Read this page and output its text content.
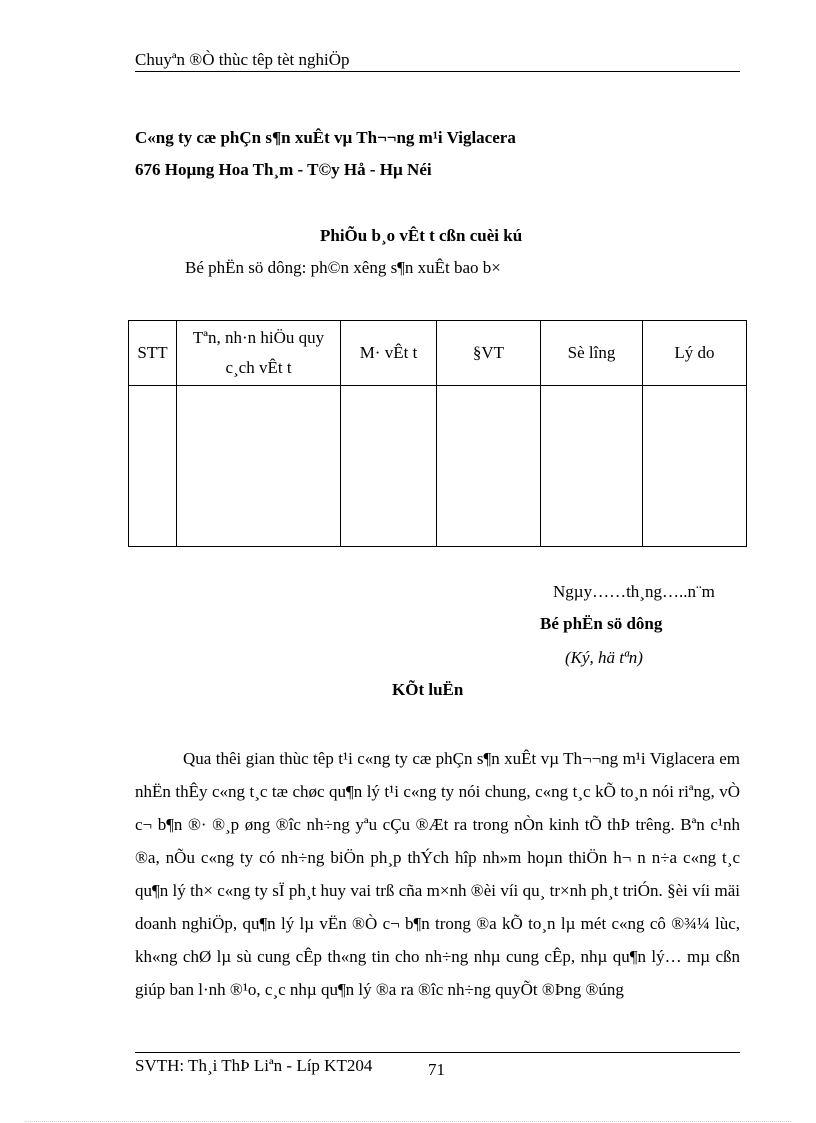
Chuyªn ®Ò thùc têp tèt nghiÖp
C«ng ty cæ phÇn s¶n xuÊt vµ Th¬¬ng m¹i Viglacera
676 Hoµng Hoa Th¸m - T©y Hå - Hµ Néi
PhiÕu b¸o vÊt t cßn cuèi kú
Bé phËn sö dông: ph©n xêng s¶n xuÊt bao b×
STT	Tªn, nh·n hiÖu quy c¸ch vÊt t	M· vÊt t	§VT	Sè lîng	Lý do

Ngµy……th¸ng…..n¨m
Bé phËn sö dông
(Ký, hä tªn)
KÕt luËn

Qua thêi gian thùc têp t¹i c«ng ty cæ phÇn s¶n xuÊt vµ Th¬¬ng m¹i Viglacera em nhËn thÊy c«ng t¸c tæ chøc qu¶n lý t¹i c«ng ty nói chung, c«ng t¸c kÕ to¸n nói riªng, vÒ c¬ b¶n ®· ®¸p øng ®îc nh÷ng yªu cÇu ®Æt ra trong nÒn kinh tÕ thÞ trêng. Bªn c¹nh ®a, nÕu c«ng ty có nh÷ng biÖn ph¸p thÝch hîp nh»m hoµn thiÖn h¬ n n÷a c«ng t¸c qu¶n lý th× c«ng ty sÏ ph¸t huy vai trß cña m×nh ®èi víi qu¸ tr×nh ph¸t triÓn. §èi víi mäi doanh nghiÖp, qu¶n lý lµ vËn ®Ò c¬ b¶n trong ®a kÕ to¸n lµ mét c«ng cô ®¾¼ lùc, kh«ng chØ lµ sù cung cÊp th«ng tin cho nh÷ng nhµ cung cÊp, nhµ qu¶n lý… mµ cßn giúp ban l·nh ®¹o, c¸c nhµ qu¶n lý ®a ra ®îc nh÷ng quyÕt ®Þng ®úng

SVTH: Th¸i ThÞ Liªn - Líp KT204	71
